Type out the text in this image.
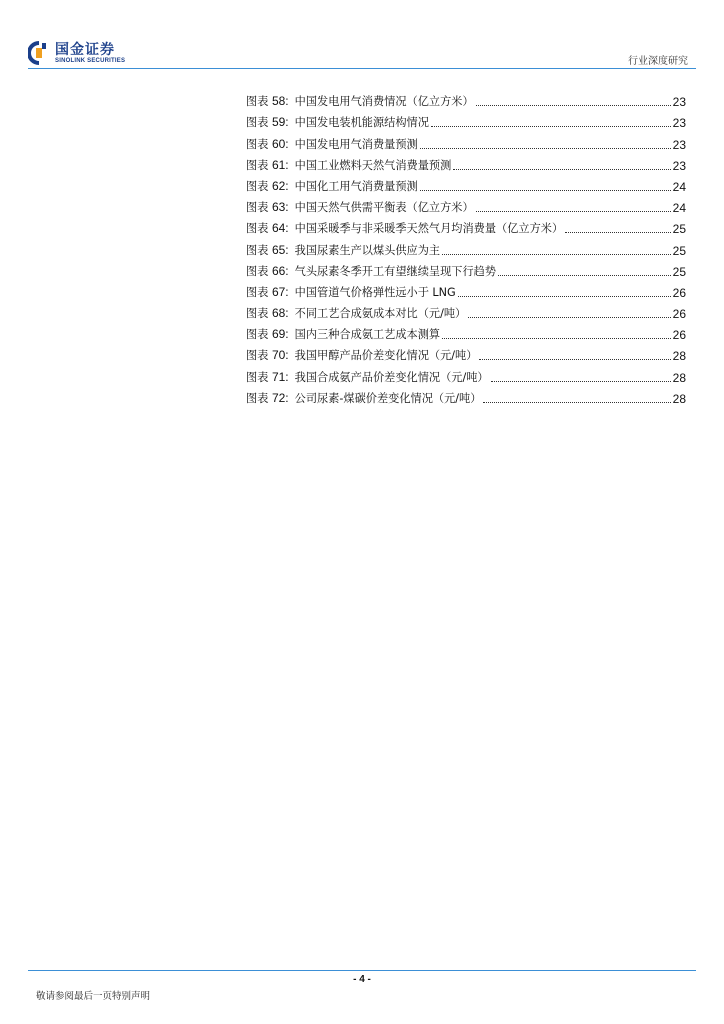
国金证券
SINOLINK SECURITIES	行业深度研究
图表 58: 中国发电用气消费情况（亿立方米）	23
图表 59: 中国发电装机能源结构情况	23
图表 60: 中国发电用气消费量预测	23
图表 61: 中国工业燃料天然气消费量预测	23
图表 62: 中国化工用气消费量预测	24
图表 63: 中国天然气供需平衡表（亿立方米）	24
图表 64: 中国采暖季与非采暖季天然气月均消费量（亿立方米）	25
图表 65: 我国尿素生产以煤头供应为主	25
图表 66: 气头尿素冬季开工有望继续呈现下行趋势	25
图表 67: 中国管道气价格弹性远小于 LNG	26
图表 68: 不同工艺合成氨成本对比（元/吨）	26
图表 69: 国内三种合成氨工艺成本测算	26
图表 70: 我国甲醇产品价差变化情况（元/吨）	28
图表 71: 我国合成氨产品价差变化情况（元/吨）	28
图表 72: 公司尿素-煤碳价差变化情况（元/吨）	28
- 4 -
敬请参阅最后一页特别声明
